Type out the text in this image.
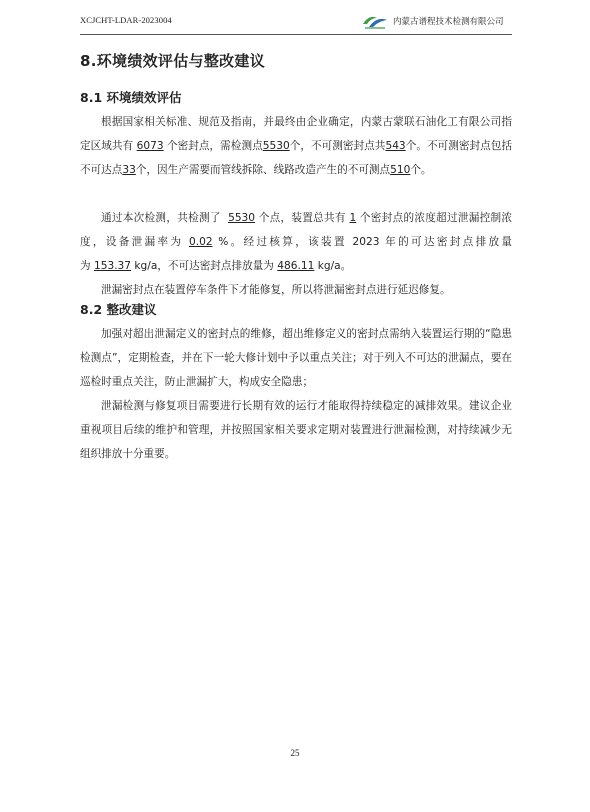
XCJCHT-LDAR-2023004	内蒙古谱程技术检测有限公司
8.环境绩效评估与整改建议
8.1 环境绩效评估
根据国家相关标准、规范及指南，并最终由企业确定，内蒙古蒙联石油化工有限公司指定区域共有 6073 个密封点，需检测点5530个，不可测密封点共543个。不可测密封点包括不可达点33个，因生产需要而管线拆除、线路改造产生的不可测点510个。
通过本次检测，共检测了 5530 个点，装置总共有 1 个密封点的浓度超过泄漏控制浓度，设备泄漏率为 0.02 %。经过核算，该装置 2023 年的可达密封点排放量为 153.37 kg/a，不可达密封点排放量为 486.11 kg/a。
泄漏密封点在装置停车条件下才能修复，所以将泄漏密封点进行延迟修复。
8.2 整改建议
加强对超出泄漏定义的密封点的维修，超出维修定义的密封点需纳入装置运行期的“隐患检测点”，定期检查，并在下一轮大修计划中予以重点关注；对于列入不可达的泄漏点，要在巡检时重点关注，防止泄漏扩大，构成安全隐患；
泄漏检测与修复项目需要进行长期有效的运行才能取得持续稳定的减排效果。建议企业重视项目后续的维护和管理，并按照国家相关要求定期对装置进行泄漏检测，对持续减少无组织排放十分重要。
25
